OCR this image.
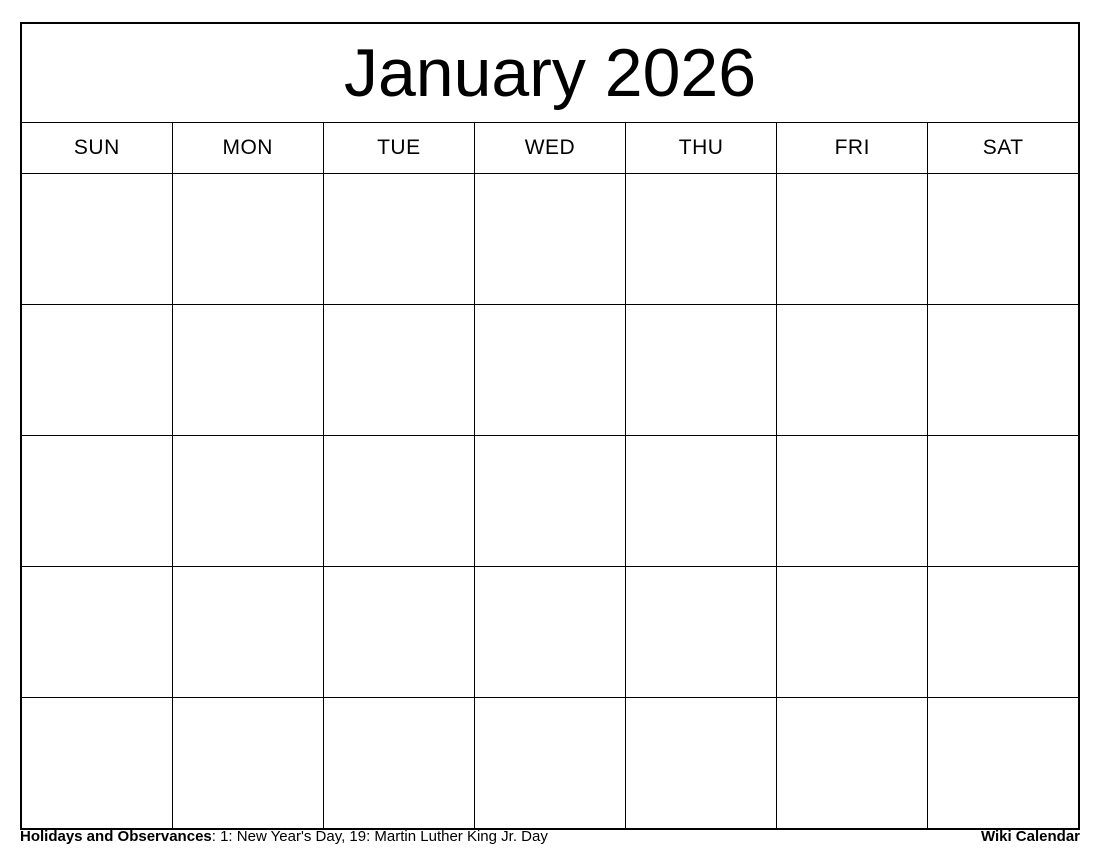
January 2026						
SUN	MON	TUE	WED	THU	FRI	SAT

Holidays and Observances: 1: New Year's Day, 19: Martin Luther King Jr. Day	Wiki Calendar
